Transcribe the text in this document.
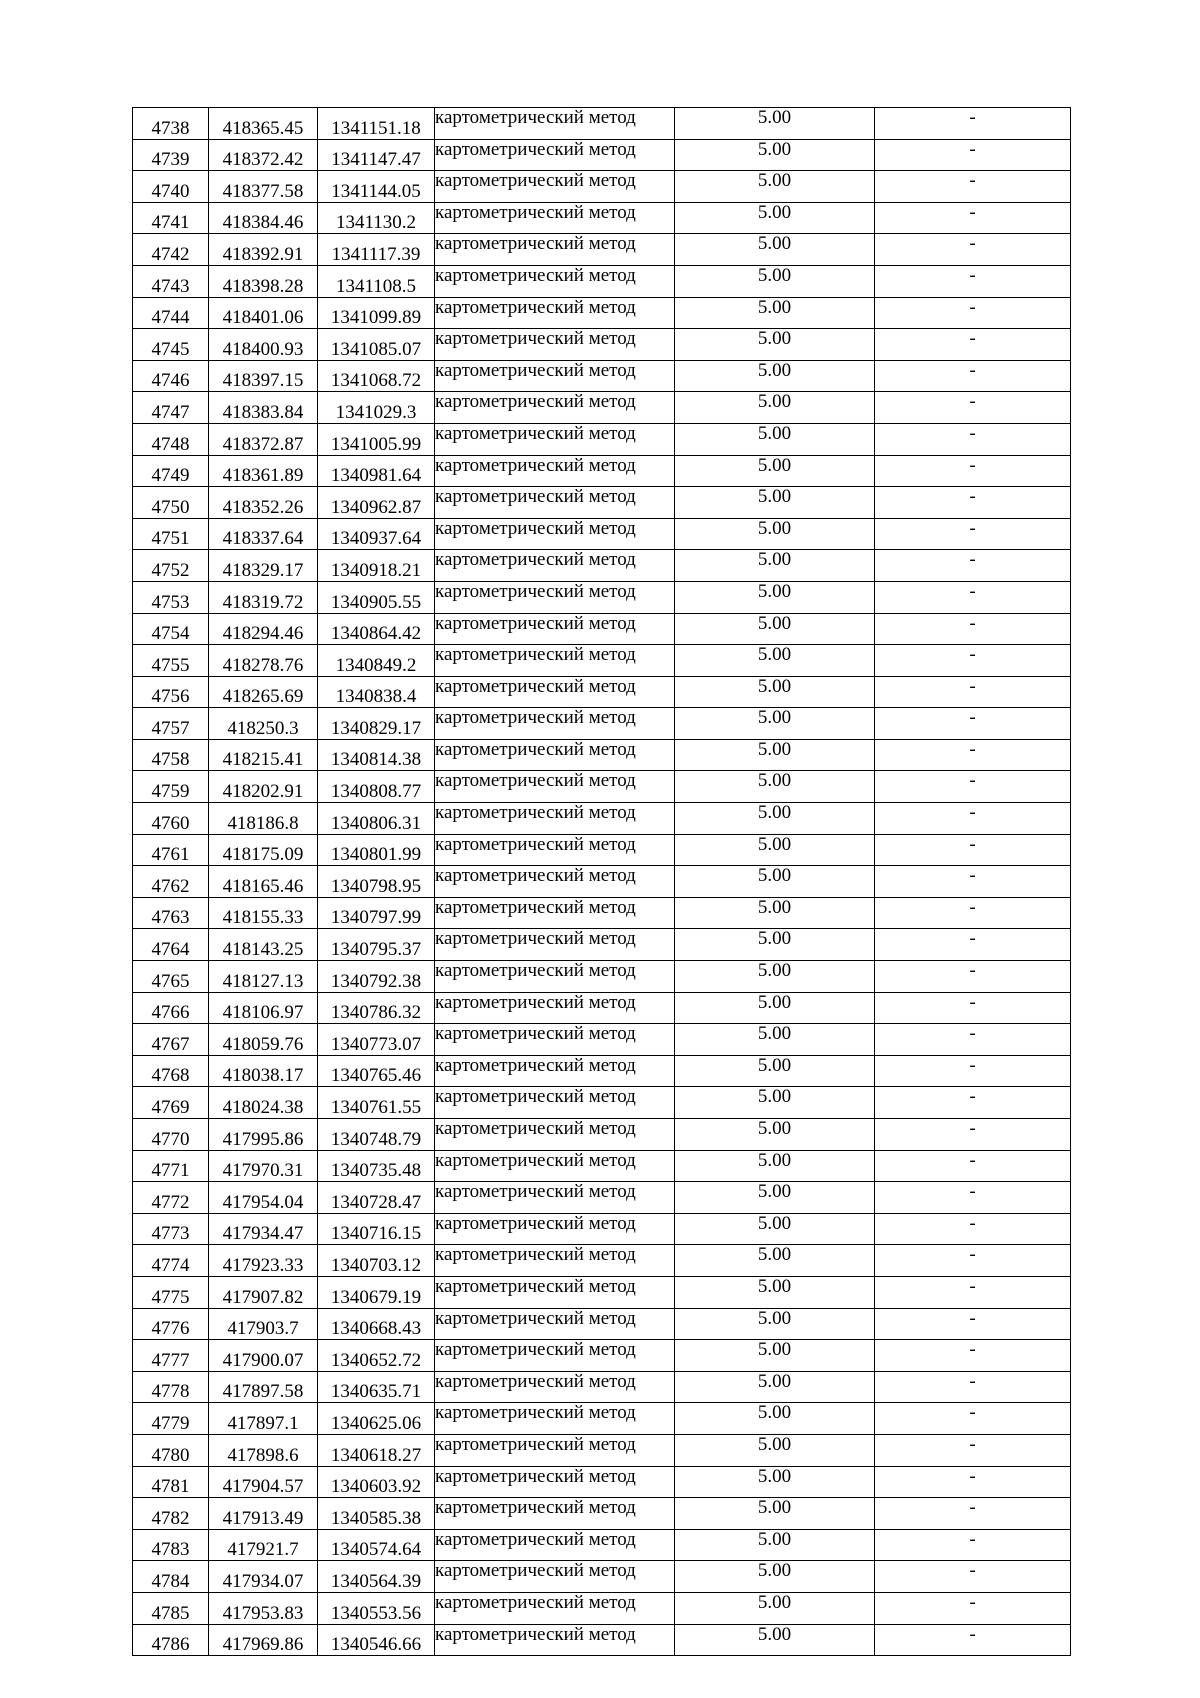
4738	418365.45	1341151.18	картометрический метод	5.00	-
4739	418372.42	1341147.47	картометрический метод	5.00	-
4740	418377.58	1341144.05	картометрический метод	5.00	-
4741	418384.46	1341130.2	картометрический метод	5.00	-
4742	418392.91	1341117.39	картометрический метод	5.00	-
4743	418398.28	1341108.5	картометрический метод	5.00	-
4744	418401.06	1341099.89	картометрический метод	5.00	-
4745	418400.93	1341085.07	картометрический метод	5.00	-
4746	418397.15	1341068.72	картометрический метод	5.00	-
4747	418383.84	1341029.3	картометрический метод	5.00	-
4748	418372.87	1341005.99	картометрический метод	5.00	-
4749	418361.89	1340981.64	картометрический метод	5.00	-
4750	418352.26	1340962.87	картометрический метод	5.00	-
4751	418337.64	1340937.64	картометрический метод	5.00	-
4752	418329.17	1340918.21	картометрический метод	5.00	-
4753	418319.72	1340905.55	картометрический метод	5.00	-
4754	418294.46	1340864.42	картометрический метод	5.00	-
4755	418278.76	1340849.2	картометрический метод	5.00	-
4756	418265.69	1340838.4	картометрический метод	5.00	-
4757	418250.3	1340829.17	картометрический метод	5.00	-
4758	418215.41	1340814.38	картометрический метод	5.00	-
4759	418202.91	1340808.77	картометрический метод	5.00	-
4760	418186.8	1340806.31	картометрический метод	5.00	-
4761	418175.09	1340801.99	картометрический метод	5.00	-
4762	418165.46	1340798.95	картометрический метод	5.00	-
4763	418155.33	1340797.99	картометрический метод	5.00	-
4764	418143.25	1340795.37	картометрический метод	5.00	-
4765	418127.13	1340792.38	картометрический метод	5.00	-
4766	418106.97	1340786.32	картометрический метод	5.00	-
4767	418059.76	1340773.07	картометрический метод	5.00	-
4768	418038.17	1340765.46	картометрический метод	5.00	-
4769	418024.38	1340761.55	картометрический метод	5.00	-
4770	417995.86	1340748.79	картометрический метод	5.00	-
4771	417970.31	1340735.48	картометрический метод	5.00	-
4772	417954.04	1340728.47	картометрический метод	5.00	-
4773	417934.47	1340716.15	картометрический метод	5.00	-
4774	417923.33	1340703.12	картометрический метод	5.00	-
4775	417907.82	1340679.19	картометрический метод	5.00	-
4776	417903.7	1340668.43	картометрический метод	5.00	-
4777	417900.07	1340652.72	картометрический метод	5.00	-
4778	417897.58	1340635.71	картометрический метод	5.00	-
4779	417897.1	1340625.06	картометрический метод	5.00	-
4780	417898.6	1340618.27	картометрический метод	5.00	-
4781	417904.57	1340603.92	картометрический метод	5.00	-
4782	417913.49	1340585.38	картометрический метод	5.00	-
4783	417921.7	1340574.64	картометрический метод	5.00	-
4784	417934.07	1340564.39	картометрический метод	5.00	-
4785	417953.83	1340553.56	картометрический метод	5.00	-
4786	417969.86	1340546.66	картометрический метод	5.00	-
